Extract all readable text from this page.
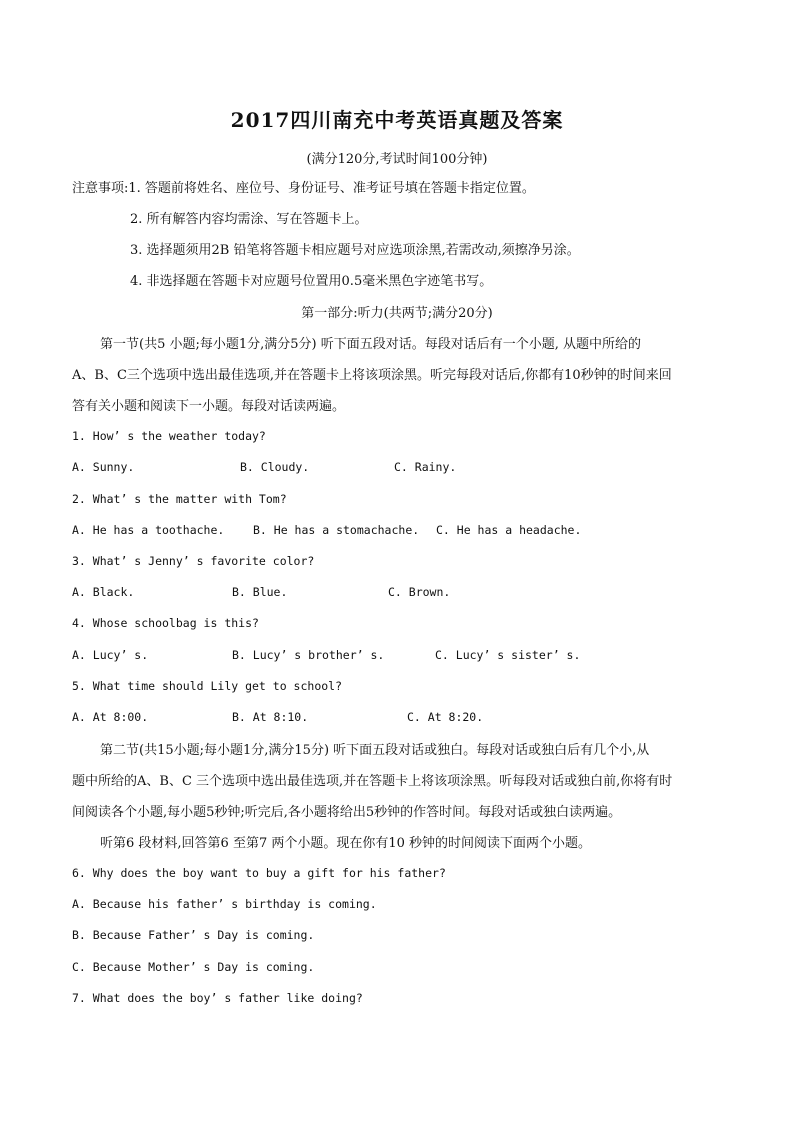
2017四川南充中考英语真题及答案
(满分120分,考试时间100分钟)
注意事项:1. 答题前将姓名、座位号、身份证号、准考证号填在答题卡指定位置。
2. 所有解答内容均需涂、写在答题卡上。
3. 选择题须用2B 铅笔将答题卡相应题号对应选项涂黑,若需改动,须擦净另涂。
4. 非选择题在答题卡对应题号位置用0.5毫米黑色字迹笔书写。
第一部分:听力(共两节;满分20分)
第一节(共5 小题;每小题1分,满分5分) 听下面五段对话。每段对话后有一个小题, 从题中所给的
A、B、C三个选项中选出最佳选项,并在答题卡上将该项涂黑。听完每段对话后,你都有10秒钟的时间来回
答有关小题和阅读下一小题。每段对话读两遍。
1. How’ s the weather today?
A. Sunny.	B. Cloudy.	C. Rainy.
2. What’ s the matter with Tom?
A. He has a toothache. B. He has a stomachache. C. He has a headache.
3. What’ s Jenny’ s favorite color?
A. Black.	B. Blue.	C. Brown.
4. Whose schoolbag is this?
A. Lucy’ s.	B. Lucy’ s brother’ s.	C. Lucy’ s sister’ s.
5. What time should Lily get to school?
A. At 8:00.	B. At 8:10.	C. At 8:20.
第二节(共15小题;每小题1分,满分15分) 听下面五段对话或独白。每段对话或独白后有几个小,从
题中所给的A、B、C 三个选项中选出最佳选项,并在答题卡上将该项涂黑。听每段对话或独白前,你将有时
间阅读各个小题,每小题5秒钟;听完后,各小题将给出5秒钟的作答时间。每段对话或独白读两遍。
听第6 段材料,回答第6 至第7 两个小题。现在你有10 秒钟的时间阅读下面两个小题。
6. Why does the boy want to buy a gift for his father?
A. Because his father’ s birthday is coming.
B. Because Father’ s Day is coming.
C. Because Mother’ s Day is coming.
7. What does the boy’ s father like doing?
